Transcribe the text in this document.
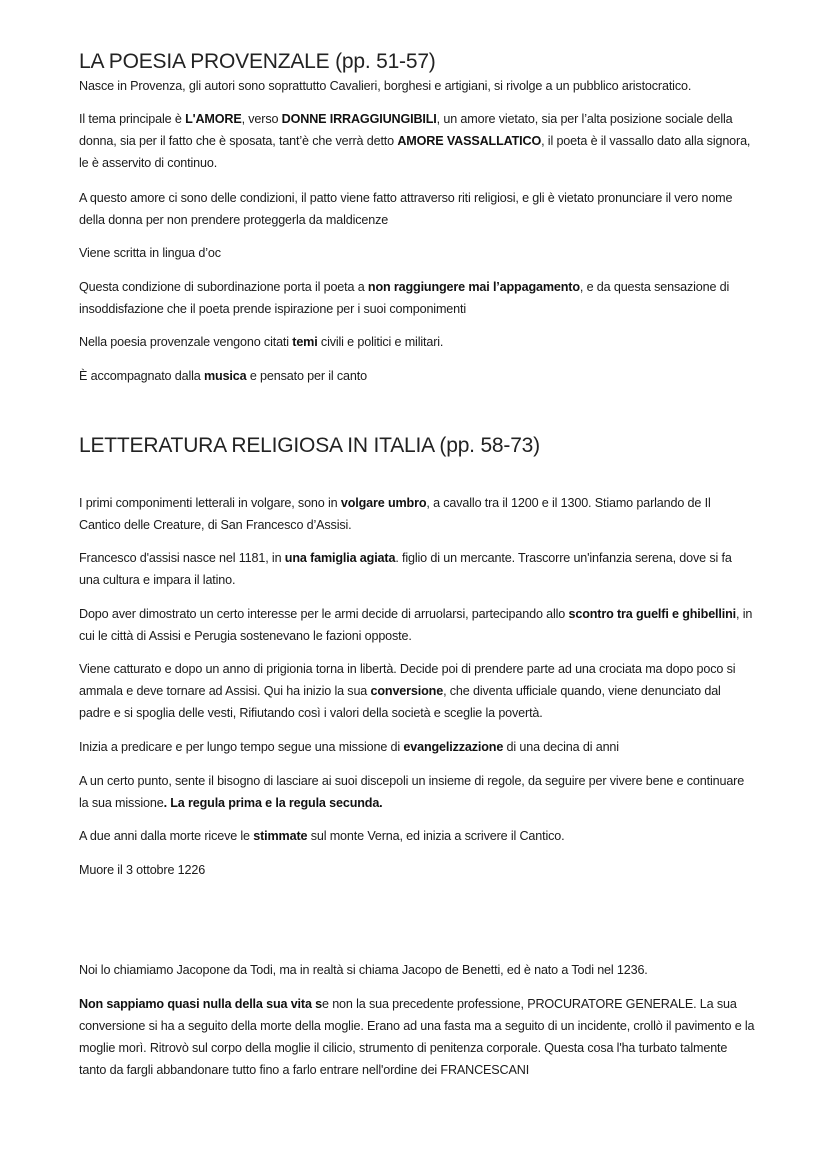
LA POESIA PROVENZALE (pp. 51-57)

Nasce in Provenza, gli autori sono soprattutto Cavalieri, borghesi e artigiani, si rivolge a un pubblico aristocratico.

Il tema principale è L'AMORE, verso DONNE IRRAGGIUNGIBILI, un amore vietato, sia per l’alta posizione sociale della donna, sia per il fatto che è sposata, tant’è che verrà detto AMORE VASSALLATICO, il poeta è il vassallo dato alla signora, le è asservito di continuo.

A questo amore ci sono delle condizioni, il patto viene fatto attraverso riti religiosi, e gli è vietato pronunciare il vero nome della donna per non prendere proteggerla da maldicenze

Viene scritta in lingua d’oc

Questa condizione di subordinazione porta il poeta a non raggiungere mai l’appagamento, e da questa sensazione di insoddisfazione che il poeta prende ispirazione per i suoi componimenti

Nella poesia provenzale vengono citati temi civili e politici e militari.

È accompagnato dalla musica e pensato per il canto

LETTERATURA RELIGIOSA IN ITALIA (pp. 58-73)

I primi componimenti letterali in volgare, sono in volgare umbro, a cavallo tra il 1200 e il 1300. Stiamo parlando de Il Cantico delle Creature, di San Francesco d’Assisi.

Francesco d'assisi nasce nel 1181, in una famiglia agiata. figlio di un mercante. Trascorre un'infanzia serena, dove si fa una cultura e impara il latino.

Dopo aver dimostrato un certo interesse per le armi decide di arruolarsi, partecipando allo scontro tra guelfi e ghibellini, in cui le città di Assisi e Perugia sostenevano le fazioni opposte.

Viene catturato e dopo un anno di prigionia torna in libertà. Decide poi di prendere parte ad una crociata ma dopo poco si ammala e deve tornare ad Assisi. Qui ha inizio la sua conversione, che diventa ufficiale quando, viene denunciato dal padre e si spoglia delle vesti, Rifiutando così i valori della società e sceglie la povertà.

Inizia a predicare e per lungo tempo segue una missione di evangelizzazione di una decina di anni

A un certo punto, sente il bisogno di lasciare ai suoi discepoli un insieme di regole, da seguire per vivere bene e continuare la sua missione. La regula prima e la regula secunda.

A due anni dalla morte riceve le stimmate sul monte Verna, ed inizia a scrivere il Cantico.

Muore il 3 ottobre 1226

Noi lo chiamiamo Jacopone da Todi, ma in realtà si chiama Jacopo de Benetti, ed è nato a Todi nel 1236.

Non sappiamo quasi nulla della sua vita se non la sua precedente professione, PROCURATORE GENERALE. La sua conversione si ha a seguito della morte della moglie. Erano ad una fasta ma a seguito di un incidente, crollò il pavimento e la moglie morì. Ritrovò sul corpo della moglie il cilicio, strumento di penitenza corporale. Questa cosa l'ha turbato talmente tanto da fargli abbandonare tutto fino a farlo entrare nell'ordine dei FRANCESCANI
